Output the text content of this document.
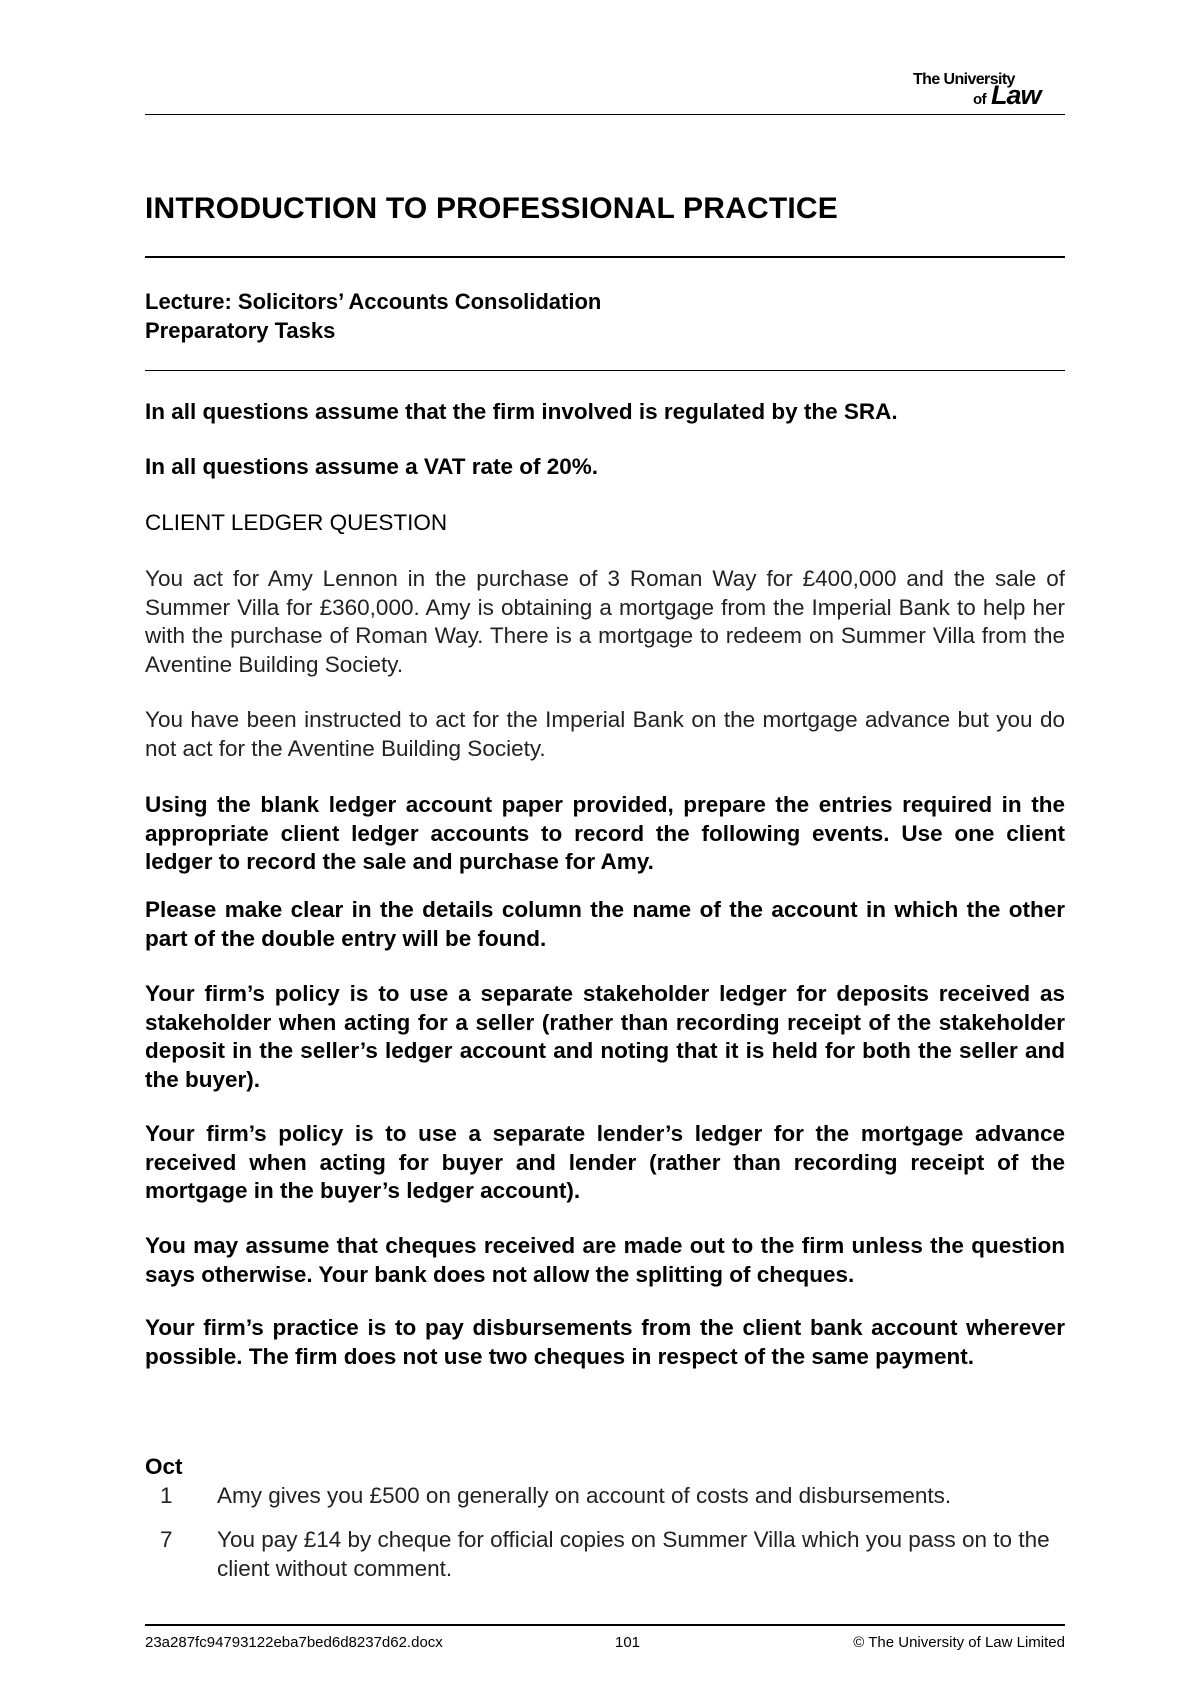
The University
of Law
INTRODUCTION TO PROFESSIONAL PRACTICE
Lecture: Solicitors’ Accounts Consolidation
Preparatory Tasks
In all questions assume that the firm involved is regulated by the SRA.
In all questions assume a VAT rate of 20%.
CLIENT LEDGER QUESTION
You act for Amy Lennon in the purchase of 3 Roman Way for £400,000 and the sale of Summer Villa for £360,000. Amy is obtaining a mortgage from the Imperial Bank to help her with the purchase of Roman Way. There is a mortgage to redeem on Summer Villa from the Aventine Building Society.
You have been instructed to act for the Imperial Bank on the mortgage advance but you do not act for the Aventine Building Society.
Using the blank ledger account paper provided, prepare the entries required in the appropriate client ledger accounts to record the following events. Use one client ledger to record the sale and purchase for Amy.
Please make clear in the details column the name of the account in which the other part of the double entry will be found.
Your firm’s policy is to use a separate stakeholder ledger for deposits received as stakeholder when acting for a seller (rather than recording receipt of the stakeholder deposit in the seller’s ledger account and noting that it is held for both the seller and the buyer).
Your firm’s policy is to use a separate lender’s ledger for the mortgage advance received when acting for buyer and lender (rather than recording receipt of the mortgage in the buyer’s ledger account).
You may assume that cheques received are made out to the firm unless the question says otherwise. Your bank does not allow the splitting of cheques.
Your firm’s practice is to pay disbursements from the client bank account wherever possible. The firm does not use two cheques in respect of the same payment.
Oct
1	Amy gives you £500 on generally on account of costs and disbursements.
7	You pay £14 by cheque for official copies on Summer Villa which you pass on to the client without comment.
23a287fc94793122eba7bed6d8237d62.docx	101	© The University of Law Limited
